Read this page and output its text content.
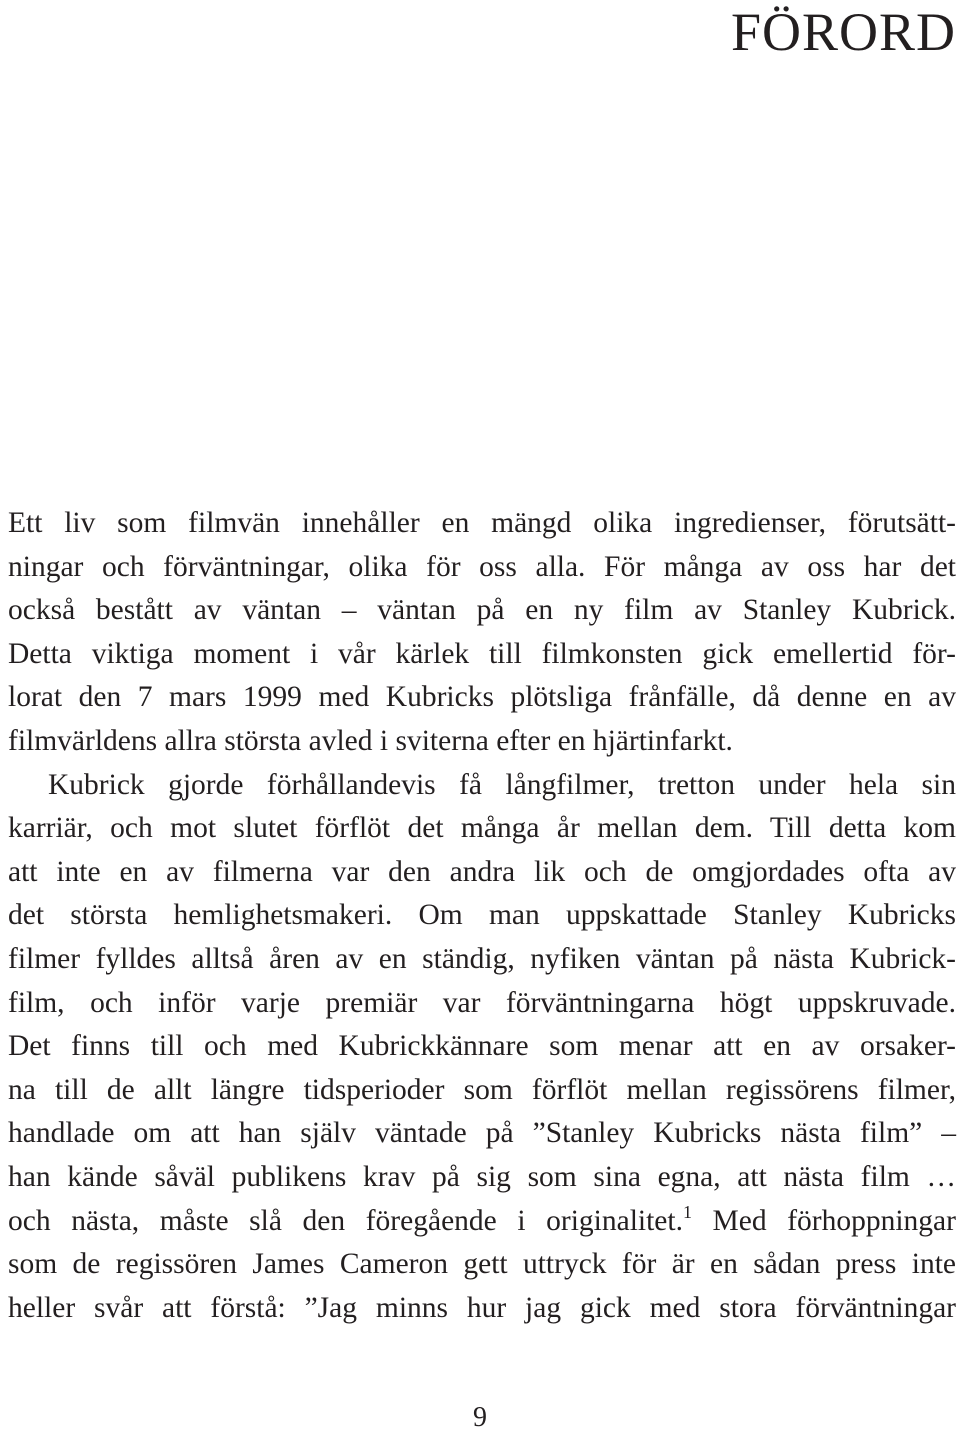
FÖRORD
Ett liv som filmvän innehåller en mängd olika ingredienser, förutsätt-
ningar och förväntningar, olika för oss alla. För många av oss har det
också bestått av väntan – väntan på en ny film av Stanley Kubrick.
Detta viktiga moment i vår kärlek till filmkonsten gick emellertid för-
lorat den 7 mars 1999 med Kubricks plötsliga frånfälle, då denne en av
filmvärldens allra största avled i sviterna efter en hjärtinfarkt.
Kubrick gjorde förhållandevis få långfilmer, tretton under hela sin
karriär, och mot slutet förflöt det många år mellan dem. Till detta kom
att inte en av filmerna var den andra lik och de omgjordades ofta av
det största hemlighetsmakeri. Om man uppskattade Stanley Kubricks
filmer fylldes alltså åren av en ständig, nyfiken väntan på nästa Kubrick-
film, och inför varje premiär var förväntningarna högt uppskruvade.
Det finns till och med Kubrickkännare som menar att en av orsaker-
na till de allt längre tidsperioder som förflöt mellan regissörens filmer,
handlade om att han själv väntade på ”Stanley Kubricks nästa film” –
han kände såväl publikens krav på sig som sina egna, att nästa film …
och nästa, måste slå den föregående i originalitet.$^1$ Med förhoppningar
som de regissören James Cameron gett uttryck för är en sådan press inte
heller svår att förstå: ”Jag minns hur jag gick med stora förväntningar
9
